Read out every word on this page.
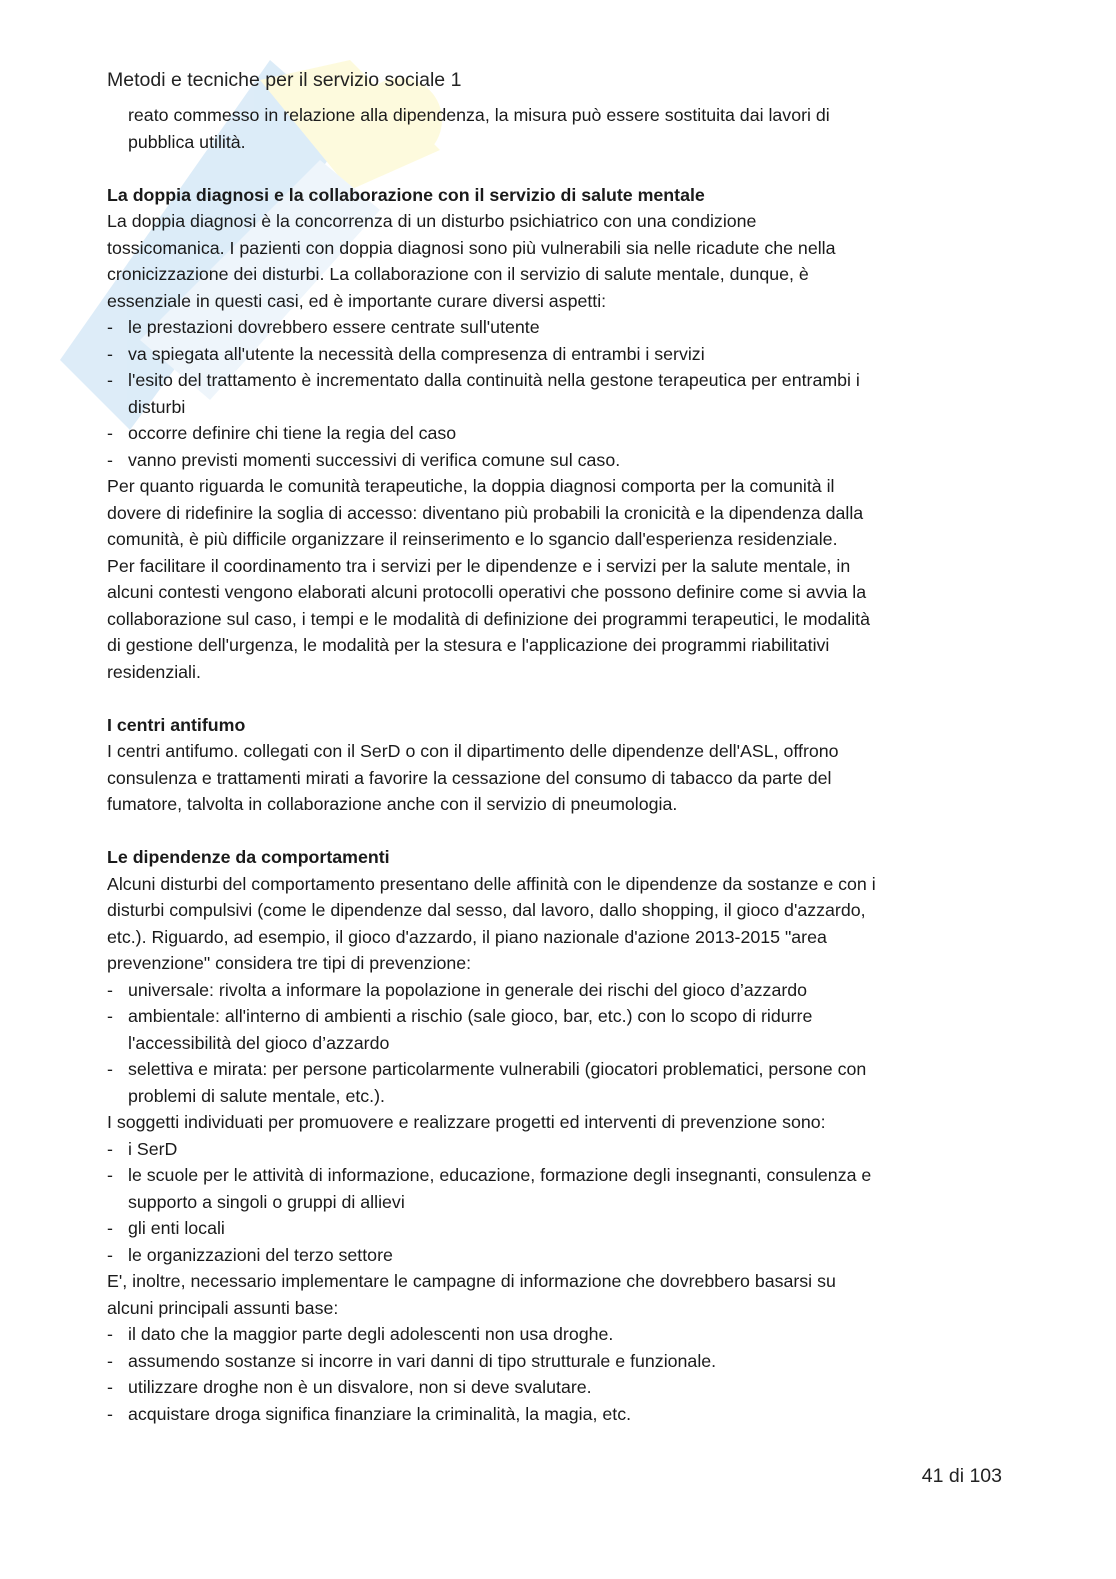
Metodi e tecniche per il servizio sociale 1
reato commesso in relazione alla dipendenza, la misura può essere sostituita dai lavori di
pubblica utilità.
La doppia diagnosi e la collaborazione con il servizio di salute mentale
La doppia diagnosi è la concorrenza di un disturbo psichiatrico con una condizione
tossicomanica. I pazienti con doppia diagnosi sono più vulnerabili sia nelle ricadute che nella
cronicizzazione dei disturbi. La collaborazione con il servizio di salute mentale, dunque, è
essenziale in questi casi, ed è importante curare diversi aspetti:
- le prestazioni dovrebbero essere centrate sull'utente
- va spiegata all'utente la necessità della compresenza di entrambi i servizi
- l'esito del trattamento è incrementato dalla continuità nella gestone terapeutica per entrambi i
disturbi
- occorre definire chi tiene la regia del caso
- vanno previsti momenti successivi di verifica comune sul caso.
Per quanto riguarda le comunità terapeutiche, la doppia diagnosi comporta per la comunità il
dovere di ridefinire la soglia di accesso: diventano più probabili la cronicità e la dipendenza dalla
comunità, è più difficile organizzare il reinserimento e lo sgancio dall'esperienza residenziale.
Per facilitare il coordinamento tra i servizi per le dipendenze e i servizi per la salute mentale, in
alcuni contesti vengono elaborati alcuni protocolli operativi che possono definire come si avvia la
collaborazione sul caso, i tempi e le modalità di definizione dei programmi terapeutici, le modalità
di gestione dell'urgenza, le modalità per la stesura e l'applicazione dei programmi riabilitativi
residenziali.
I centri antifumo
I centri antifumo. collegati con il SerD o con il dipartimento delle dipendenze dell'ASL, offrono
consulenza e trattamenti mirati a favorire la cessazione del consumo di tabacco da parte del
fumatore, talvolta in collaborazione anche con il servizio di pneumologia.
Le dipendenze da comportamenti
Alcuni disturbi del comportamento presentano delle affinità con le dipendenze da sostanze e con i
disturbi compulsivi (come le dipendenze dal sesso, dal lavoro, dallo shopping, il gioco d'azzardo,
etc.). Riguardo, ad esempio, il gioco d'azzardo, il piano nazionale d'azione 2013-2015 "area
prevenzione" considera tre tipi di prevenzione:
- universale: rivolta a informare la popolazione in generale dei rischi del gioco d’azzardo
- ambientale: all'interno di ambienti a rischio (sale gioco, bar, etc.) con lo scopo di ridurre
l'accessibilità del gioco d’azzardo
- selettiva e mirata: per persone particolarmente vulnerabili (giocatori problematici, persone con
problemi di salute mentale, etc.).
I soggetti individuati per promuovere e realizzare progetti ed interventi di prevenzione sono:
- i SerD
- le scuole per le attività di informazione, educazione, formazione degli insegnanti, consulenza e
supporto a singoli o gruppi di allievi
- gli enti locali
- le organizzazioni del terzo settore
E', inoltre, necessario implementare le campagne di informazione che dovrebbero basarsi su
alcuni principali assunti base:
- il dato che la maggior parte degli adolescenti non usa droghe.
- assumendo sostanze si incorre in vari danni di tipo strutturale e funzionale.
- utilizzare droghe non è un disvalore, non si deve svalutare.
- acquistare droga significa finanziare la criminalità, la magia, etc.
41 di 103
